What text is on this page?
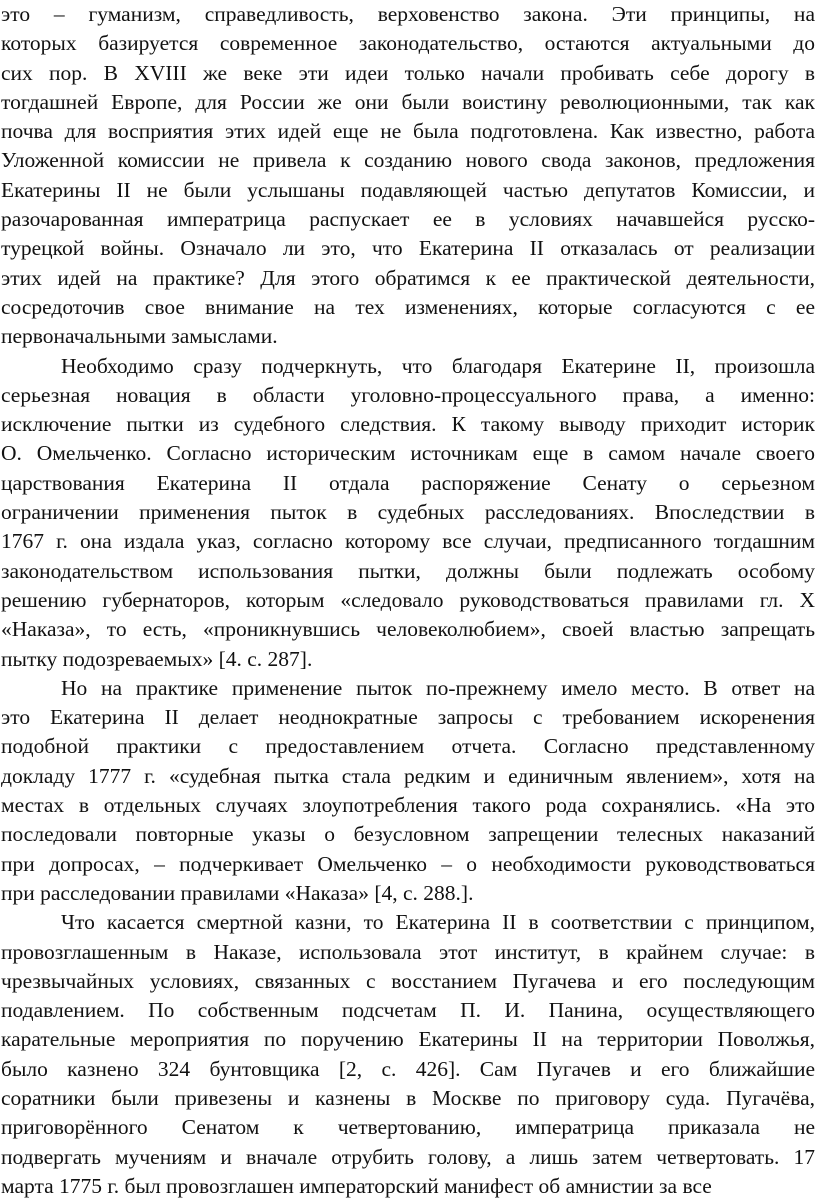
это – гуманизм, справедливость, верховенство закона. Эти принципы, на
которых базируется современное законодательство, остаются актуальными до
сих пор. В XVIII же веке эти идеи только начали пробивать себе дорогу в
тогдашней Европе, для России же они были воистину революционными, так как
почва для восприятия этих идей еще не была подготовлена. Как известно, работа
Уложенной комиссии не привела к созданию нового свода законов, предложения
Екатерины II не были услышаны подавляющей частью депутатов Комиссии, и
разочарованная императрица распускает ее в условиях начавшейся русско-
турецкой войны. Означало ли это, что Екатерина II отказалась от реализации
этих идей на практике? Для этого обратимся к ее практической деятельности,
сосредоточив свое внимание на тех изменениях, которые согласуются с ее
первоначальными замыслами.

Необходимо сразу подчеркнуть, что благодаря Екатерине II, произошла
серьезная новация в области уголовно-процессуального права, а именно:
исключение пытки из судебного следствия. К такому выводу приходит историк
О. Омельченко. Согласно историческим источникам еще в самом начале своего
царствования Екатерина II отдала распоряжение Сенату о серьезном
ограничении применения пыток в судебных расследованиях. Впоследствии в
1767 г. она издала указ, согласно которому все случаи, предписанного тогдашним
законодательством использования пытки, должны были подлежать особому
решению губернаторов, которым «следовало руководствоваться правилами гл. X
«Наказа», то есть, «проникнувшись человеколюбием», своей властью запрещать
пытку подозреваемых» [4. с. 287].

Но на практике применение пыток по-прежнему имело место. В ответ на
это Екатерина II делает неоднократные запросы с требованием искоренения
подобной практики с предоставлением отчета. Согласно представленному
докладу 1777 г. «судебная пытка стала редким и единичным явлением», хотя на
местах в отдельных случаях злоупотребления такого рода сохранялись. «На это
последовали повторные указы о безусловном запрещении телесных наказаний
при допросах, – подчеркивает Омельченко – о необходимости руководствоваться
при расследовании правилами «Наказа» [4, с. 288.].

Что касается смертной казни, то Екатерина II в соответствии с принципом,
провозглашенным в Наказе, использовала этот институт, в крайнем случае: в
чрезвычайных условиях, связанных с восстанием Пугачева и его последующим
подавлением. По собственным подсчетам П. И. Панина, осуществляющего
карательные мероприятия по поручению Екатерины II на территории Поволжья,
было казнено 324 бунтовщика [2, с. 426]. Сам Пугачев и его ближайшие
соратники были привезены и казнены в Москве по приговору суда. Пугачёва,
приговорённого Сенатом к четвертованию, императрица приказала не
подвергать мучениям и вначале отрубить голову, а лишь затем четвертовать. 17
марта 1775 г. был провозглашен императорский манифест об амнистии за все
